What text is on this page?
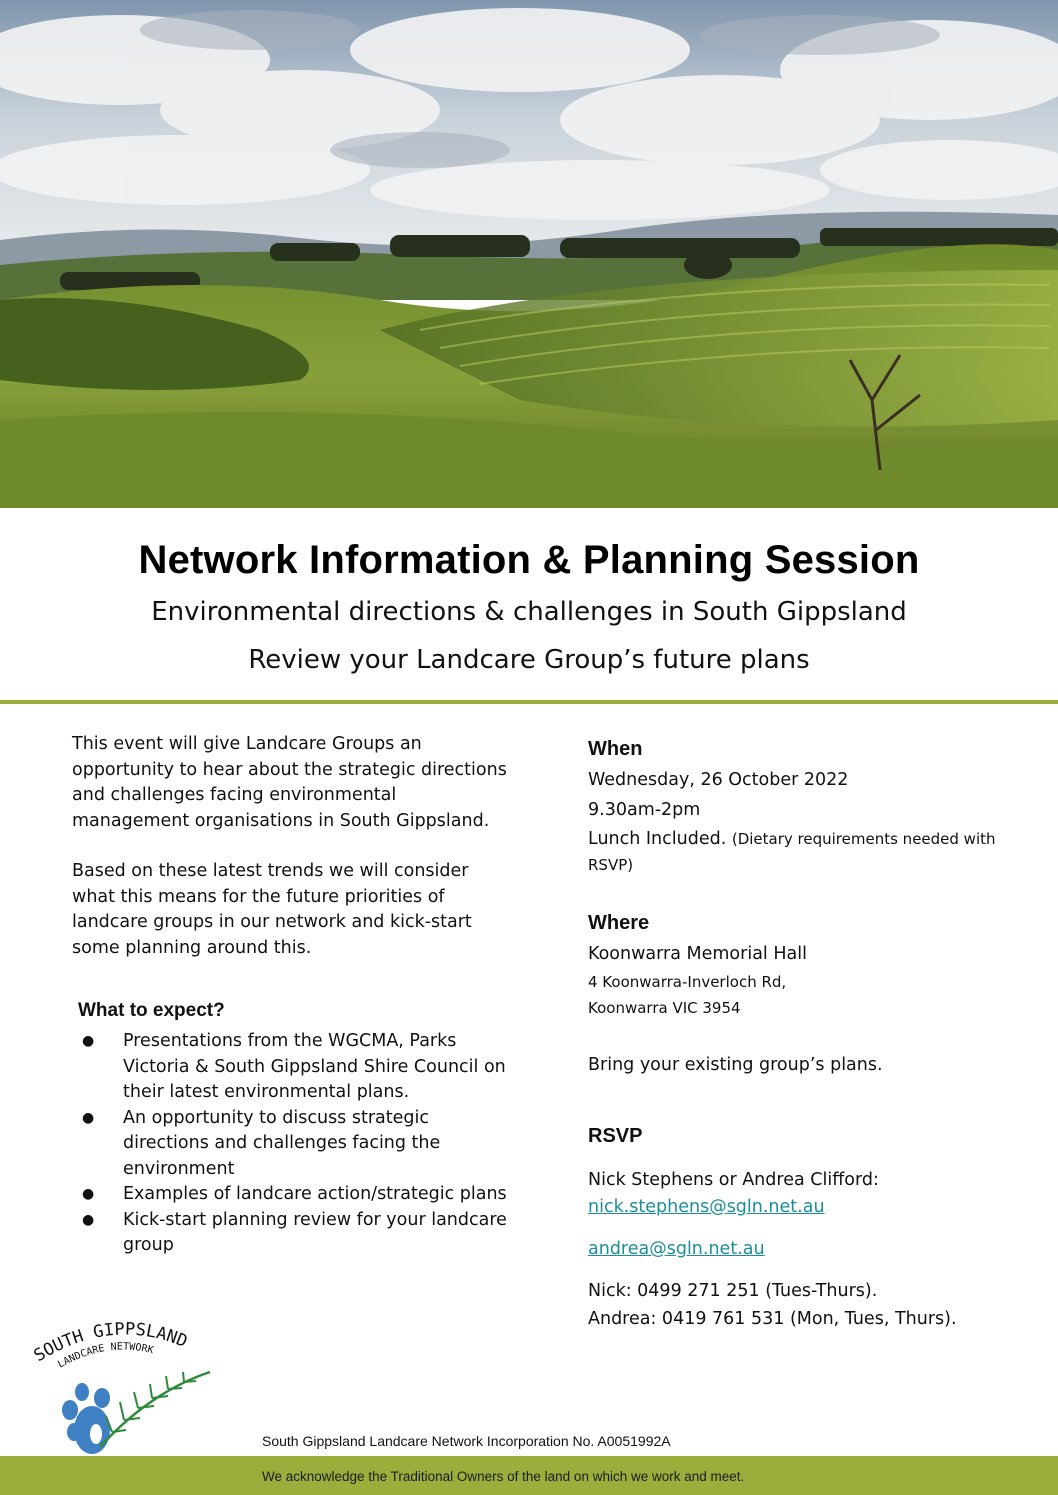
Network Information & Planning Session
Environmental directions & challenges in South Gippsland
Review your Landcare Group’s future plans

This event will give Landcare Groups an opportunity to hear about the strategic directions and challenges facing environmental management organisations in South Gippsland.

Based on these latest trends we will consider what this means for the future priorities of landcare groups in our network and kick-start some planning around this.

What to expect?
● Presentations from the WGCMA, Parks Victoria & South Gippsland Shire Council on their latest environmental plans.
● An opportunity to discuss strategic directions and challenges facing the environment
● Examples of landcare action/strategic plans
● Kick-start planning review for your landcare group
When
Wednesday, 26 October 2022
9.30am-2pm
Lunch Included. (Dietary requirements needed with RSVP)
Where
Koonwarra Memorial Hall
4 Koonwarra-Inverloch Rd,
Koonwarra VIC 3954
Bring your existing group’s plans.
RSVP
Nick Stephens or Andrea Clifford:
nick.stephens@sgln.net.au
andrea@sgln.net.au
Nick: 0499 271 251 (Tues-Thurs).
Andrea: 0419 761 531 (Mon, Tues, Thurs).
SOUTH GIPPSLAND
LANDCARE NETWORK
South Gippsland Landcare Network Incorporation No. A0051992A
We acknowledge the Traditional Owners of the land on which we work and meet.
